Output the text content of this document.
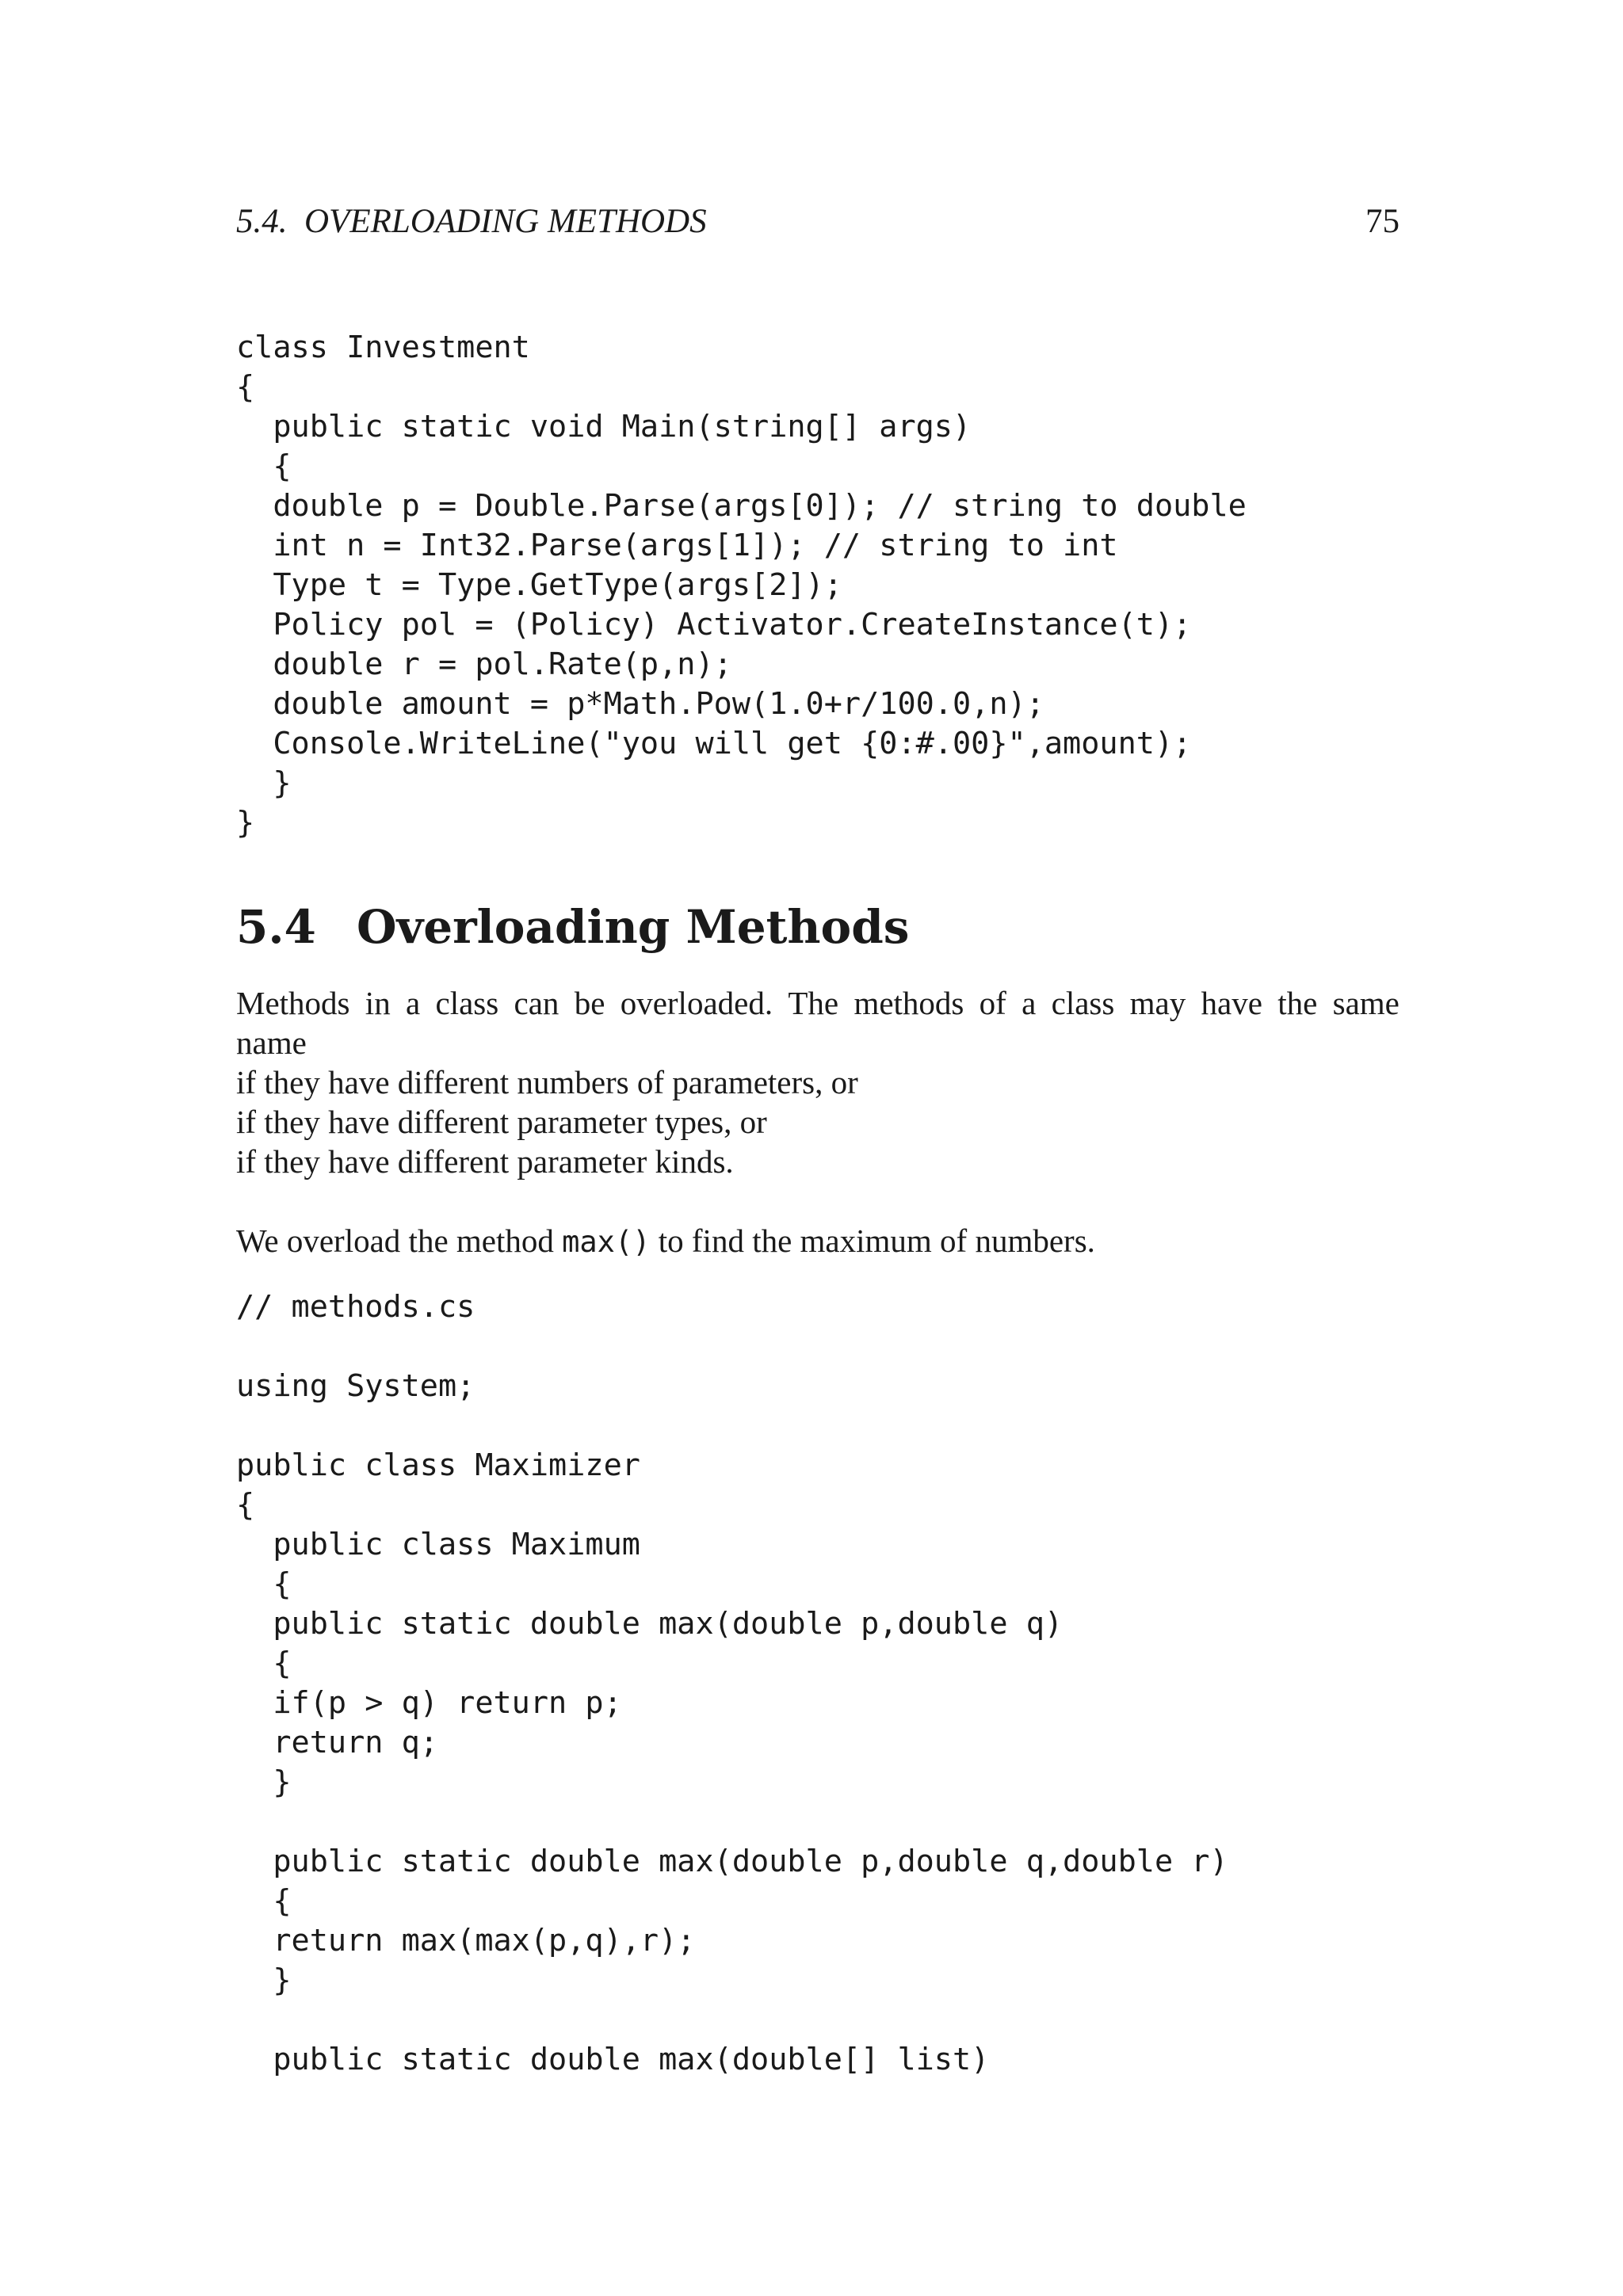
5.4.  OVERLOADING METHODS	75
class Investment
{
public static void Main(string[] args)
{
double p = Double.Parse(args[0]); // string to double
int n = Int32.Parse(args[1]); // string to int
Type t = Type.GetType(args[2]);
Policy pol = (Policy) Activator.CreateInstance(t);
double r = pol.Rate(p,n);
double amount = p*Math.Pow(1.0+r/100.0,n);
Console.WriteLine("you will get {0:#.00}",amount);
}
}
5.4 Overloading Methods
Methods in a class can be overloaded. The methods of a class may have the same
name
if they have different numbers of parameters, or
if they have different parameter types, or
if they have different parameter kinds.
We overload the method max() to find the maximum of numbers.
// methods.cs
using System;
public class Maximizer
{
public class Maximum
{
public static double max(double p,double q)
{
if(p > q) return p;
return q;
}
public static double max(double p,double q,double r)
{
return max(max(p,q),r);
}
public static double max(double[] list)
